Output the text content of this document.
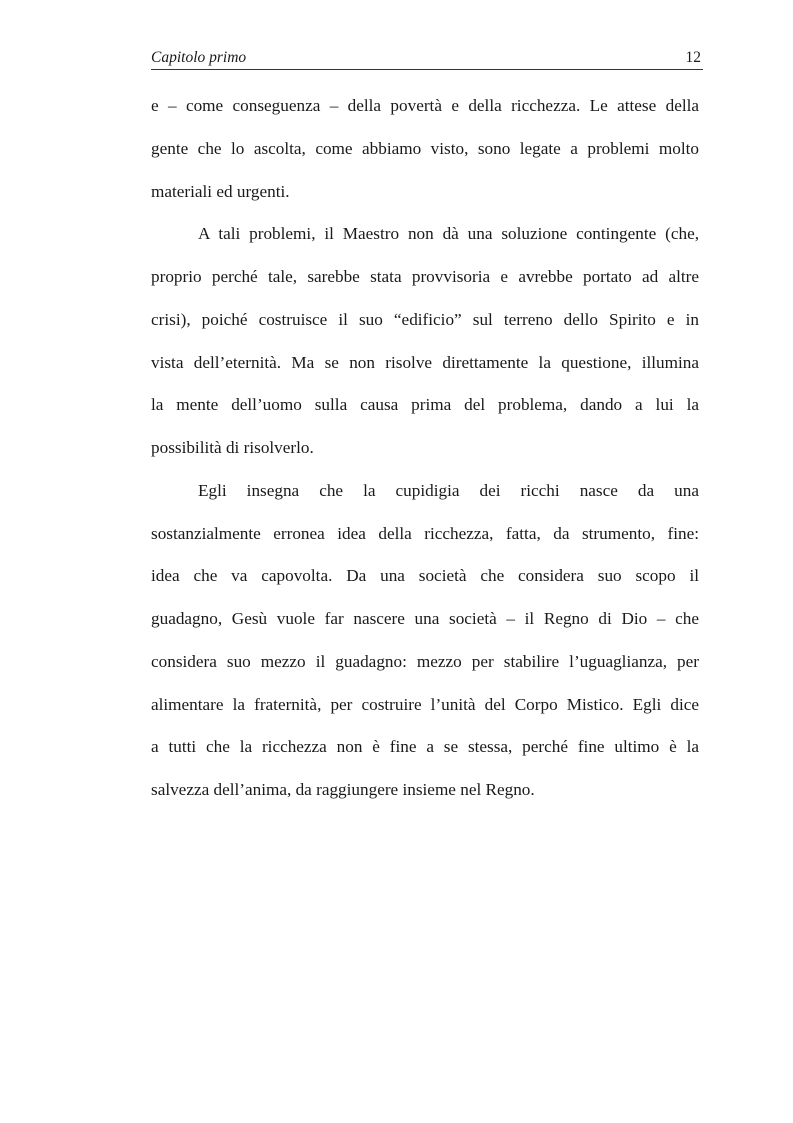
Capitolo primo	12
e – come conseguenza – della povertà e della ricchezza. Le attese della
gente che lo ascolta, come abbiamo visto, sono legate a problemi molto
materiali ed urgenti.
A tali problemi, il Maestro non dà una soluzione contingente (che,
proprio perché tale, sarebbe stata provvisoria e avrebbe portato ad altre
crisi), poiché costruisce il suo “edificio” sul terreno dello Spirito e in
vista dell’eternità. Ma se non risolve direttamente la questione, illumina
la mente dell’uomo sulla causa prima del problema, dando a lui la
possibilità di risolverlo.
Egli insegna che la cupidigia dei ricchi nasce da una
sostanzialmente erronea idea della ricchezza, fatta, da strumento, fine:
idea che va capovolta. Da una società che considera suo scopo il
guadagno, Gesù vuole far nascere una società – il Regno di Dio – che
considera suo mezzo il guadagno: mezzo per stabilire l’uguaglianza, per
alimentare la fraternità, per costruire l’unità del Corpo Mistico. Egli dice
a tutti che la ricchezza non è fine a se stessa, perché fine ultimo è la
salvezza dell’anima, da raggiungere insieme nel Regno.
